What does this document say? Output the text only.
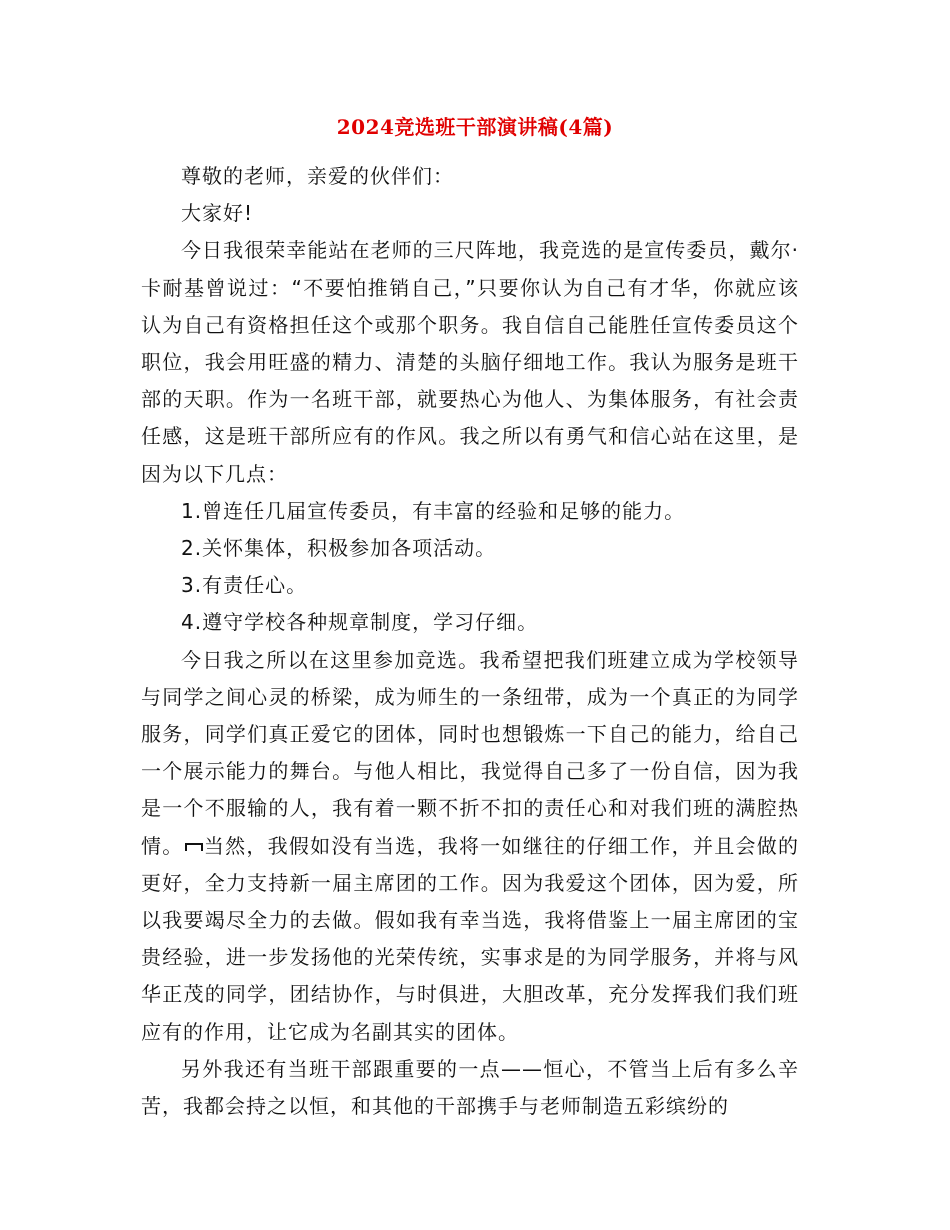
2024竞选班干部演讲稿(4篇)

尊敬的老师，亲爱的伙伴们：

大家好!

今日我很荣幸能站在老师的三尺阵地，我竞选的是宣传委员，戴尔·卡耐基曾说过：“不要怕推销自己，”只要你认为自己有才华，你就应该认为自己有资格担任这个或那个职务。我自信自己能胜任宣传委员这个职位，我会用旺盛的精力、清楚的头脑仔细地工作。我认为服务是班干部的天职。作为一名班干部，就要热心为他人、为集体服务，有社会责任感，这是班干部所应有的作风。我之所以有勇气和信心站在这里，是因为以下几点：

1.曾连任几届宣传委员，有丰富的经验和足够的能力。

2.关怀集体，积极参加各项活动。

3.有责任心。

4.遵守学校各种规章制度，学习仔细。

今日我之所以在这里参加竞选。我希望把我们班建立成为学校领导与同学之间心灵的桥梁，成为师生的一条纽带，成为一个真正的为同学服务，同学们真正爱它的团体，同时也想锻炼一下自己的能力，给自己一个展示能力的舞台。与他人相比，我觉得自己多了一份自信，因为我是一个不服输的人，我有着一颗不折不扣的责任心和对我们班的满腔热情。 当然，我假如没有当选，我将一如继往的仔细工作，并且会做的更好，全力支持新一届主席团的工作。因为我爱这个团体，因为爱，所以我要竭尽全力的去做。假如我有幸当选，我将借鉴上一届主席团的宝贵经验，进一步发扬他的光荣传统，实事求是的为同学服务，并将与风华正茂的同学，团结协作，与时俱进，大胆改革，充分发挥我们我们班应有的作用，让它成为名副其实的团体。

另外我还有当班干部跟重要的一点——恒心，不管当上后有多么辛苦，我都会持之以恒，和其他的干部携手与老师制造五彩缤纷的
